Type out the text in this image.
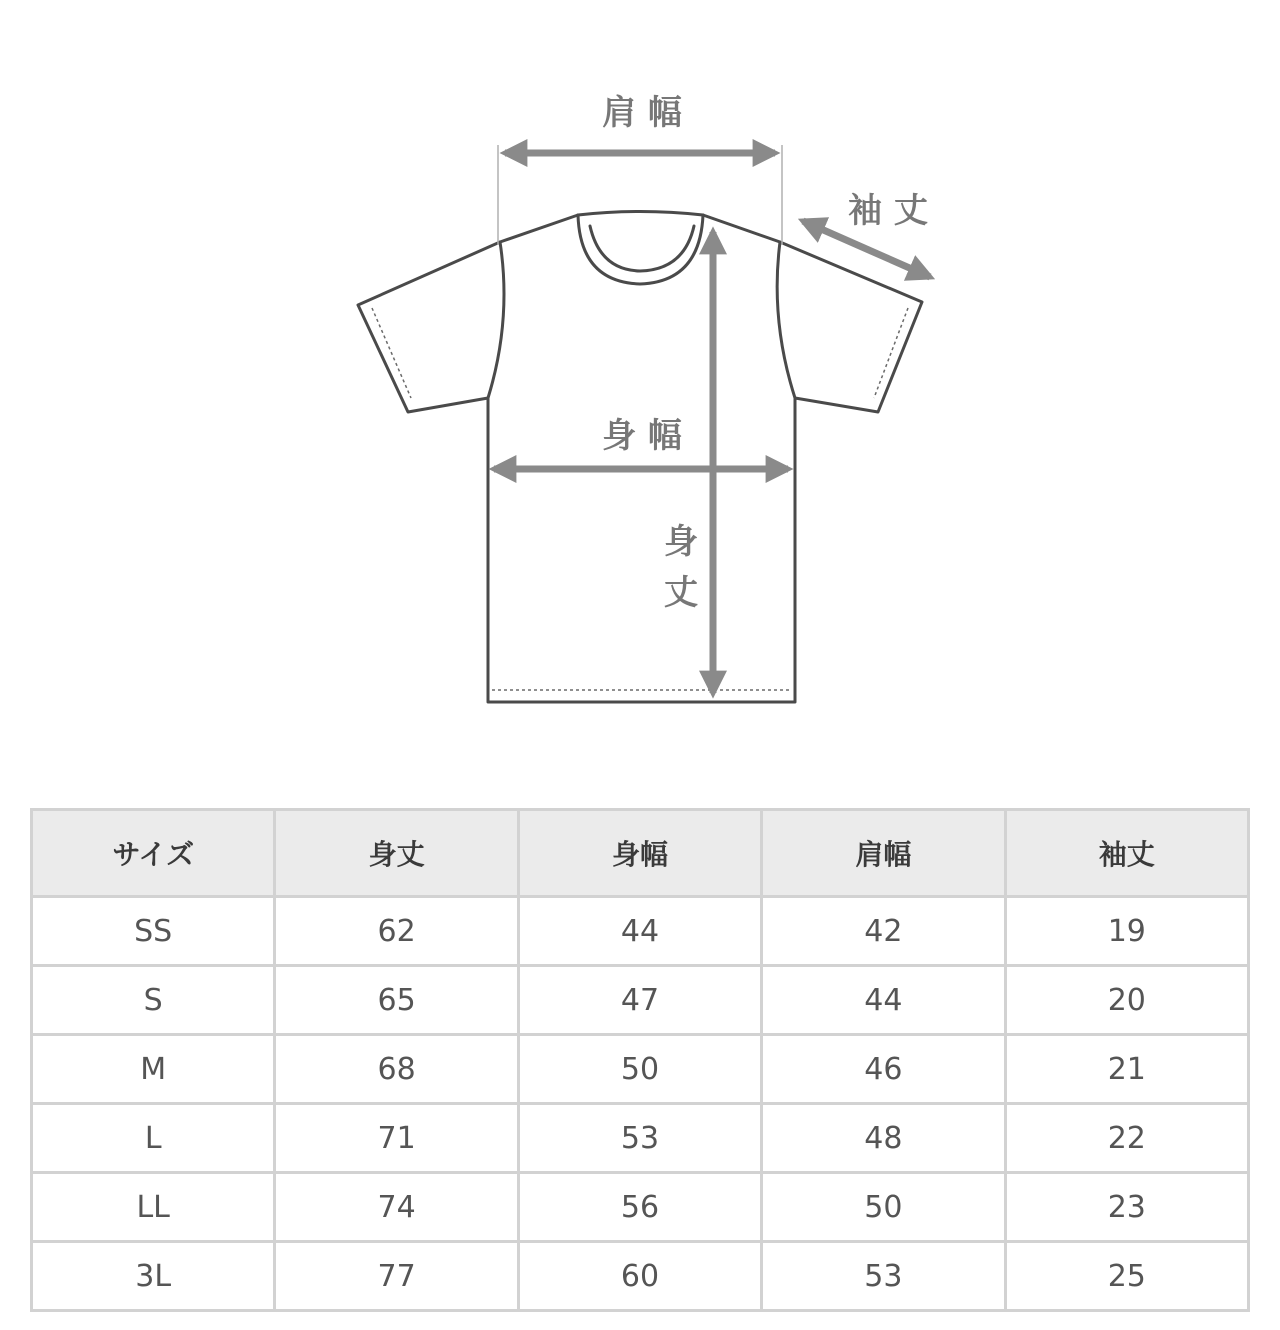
肩 幅
袖 丈
身 幅
身
丈
サイズ	身丈	身幅	肩幅	袖丈
SS	62	44	42	19
S	65	47	44	20
M	68	50	46	21
L	71	53	48	22
LL	74	56	50	23
3L	77	60	53	25
